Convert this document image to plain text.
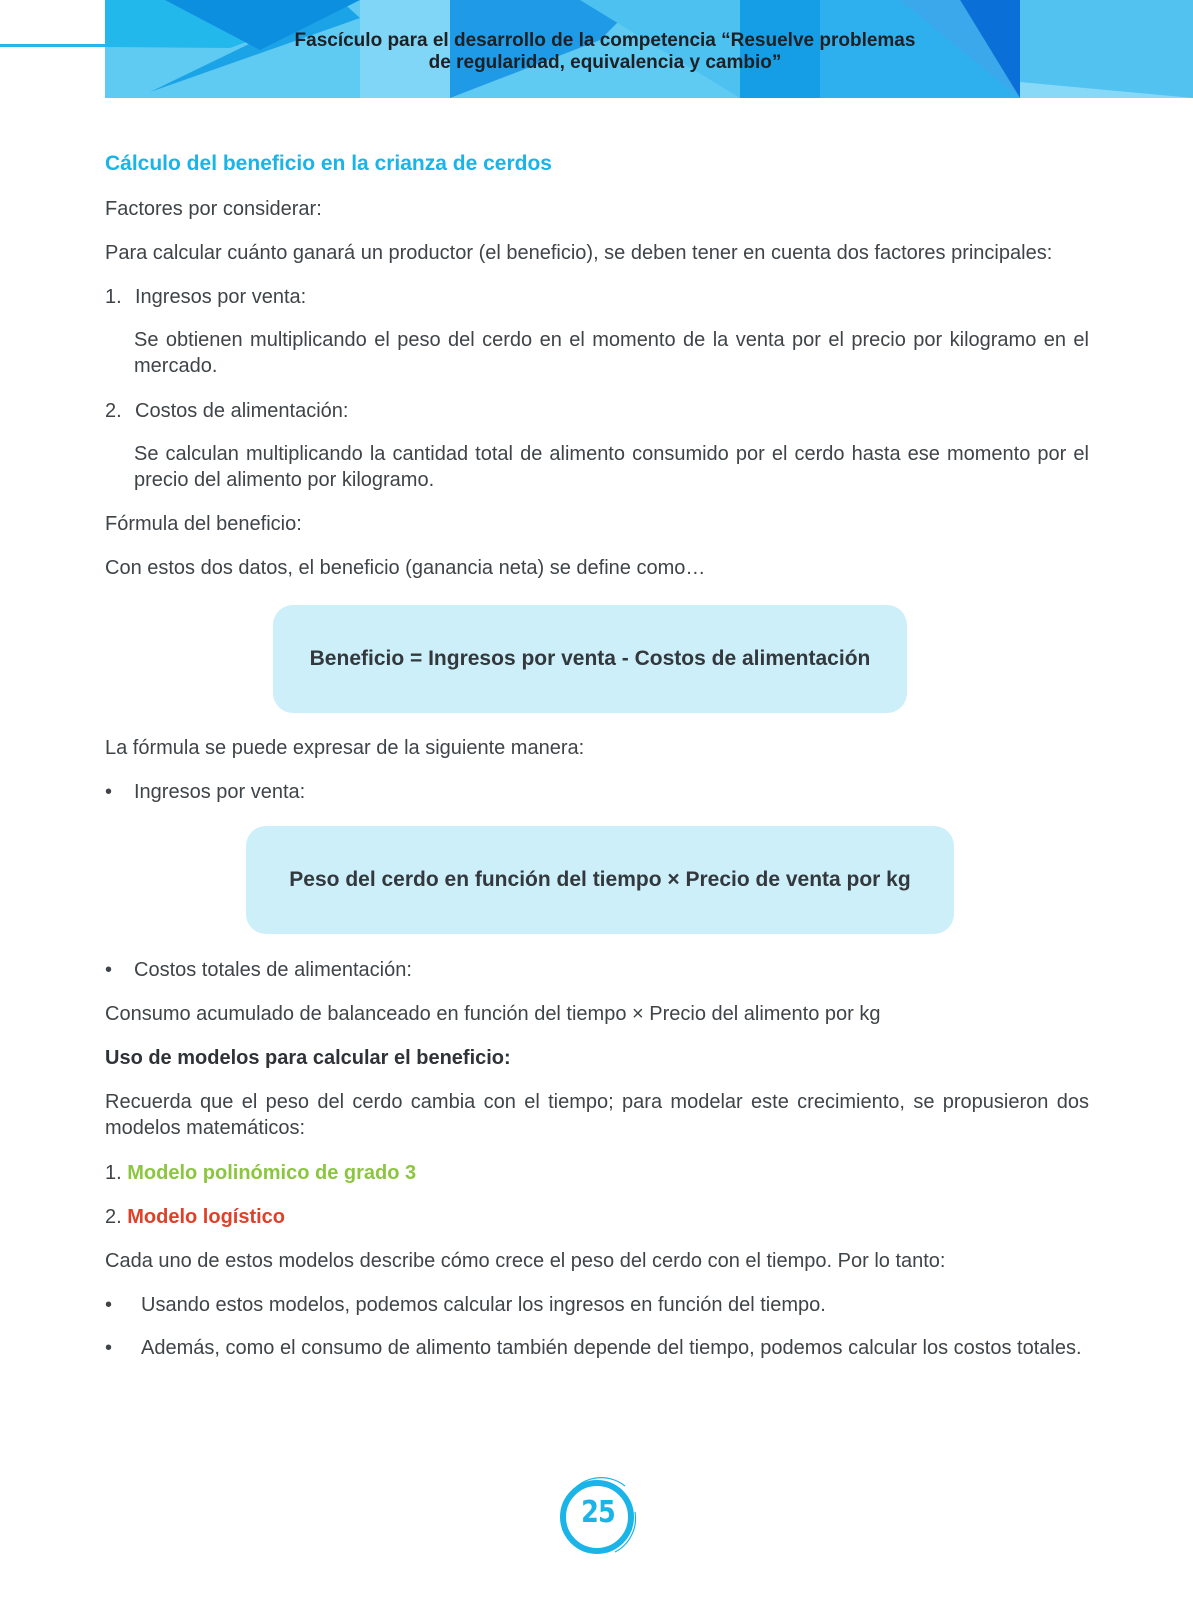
Fascículo para el desarrollo de la competencia “Resuelve problemas
de regularidad, equivalencia y cambio”
Cálculo del beneficio en la crianza de cerdos

Factores por considerar:

Para calcular cuánto ganará un productor (el beneficio), se deben tener en cuenta dos factores principales:

1. Ingresos por venta:

Se obtienen multiplicando el peso del cerdo en el momento de la venta por el precio por kilogramo en el mercado.

2. Costos de alimentación:

Se calculan multiplicando la cantidad total de alimento consumido por el cerdo hasta ese momento por el precio del alimento por kilogramo.

Fórmula del beneficio:

Con estos dos datos, el beneficio (ganancia neta) se define como…

Beneficio = Ingresos por venta - Costos de alimentación

La fórmula se puede expresar de la siguiente manera:

• Ingresos por venta:

Peso del cerdo en función del tiempo × Precio de venta por kg
• Costos totales de alimentación:

Consumo acumulado de balanceado en función del tiempo × Precio del alimento por kg

Uso de modelos para calcular el beneficio:

Recuerda que el peso del cerdo cambia con el tiempo; para modelar este crecimiento, se propusieron dos modelos matemáticos:

1. Modelo polinómico de grado 3

2. Modelo logístico

Cada uno de estos modelos describe cómo crece el peso del cerdo con el tiempo. Por lo tanto:

• Usando estos modelos, podemos calcular los ingresos en función del tiempo.

• Además, como el consumo de alimento también depende del tiempo, podemos calcular los costos totales.

25
